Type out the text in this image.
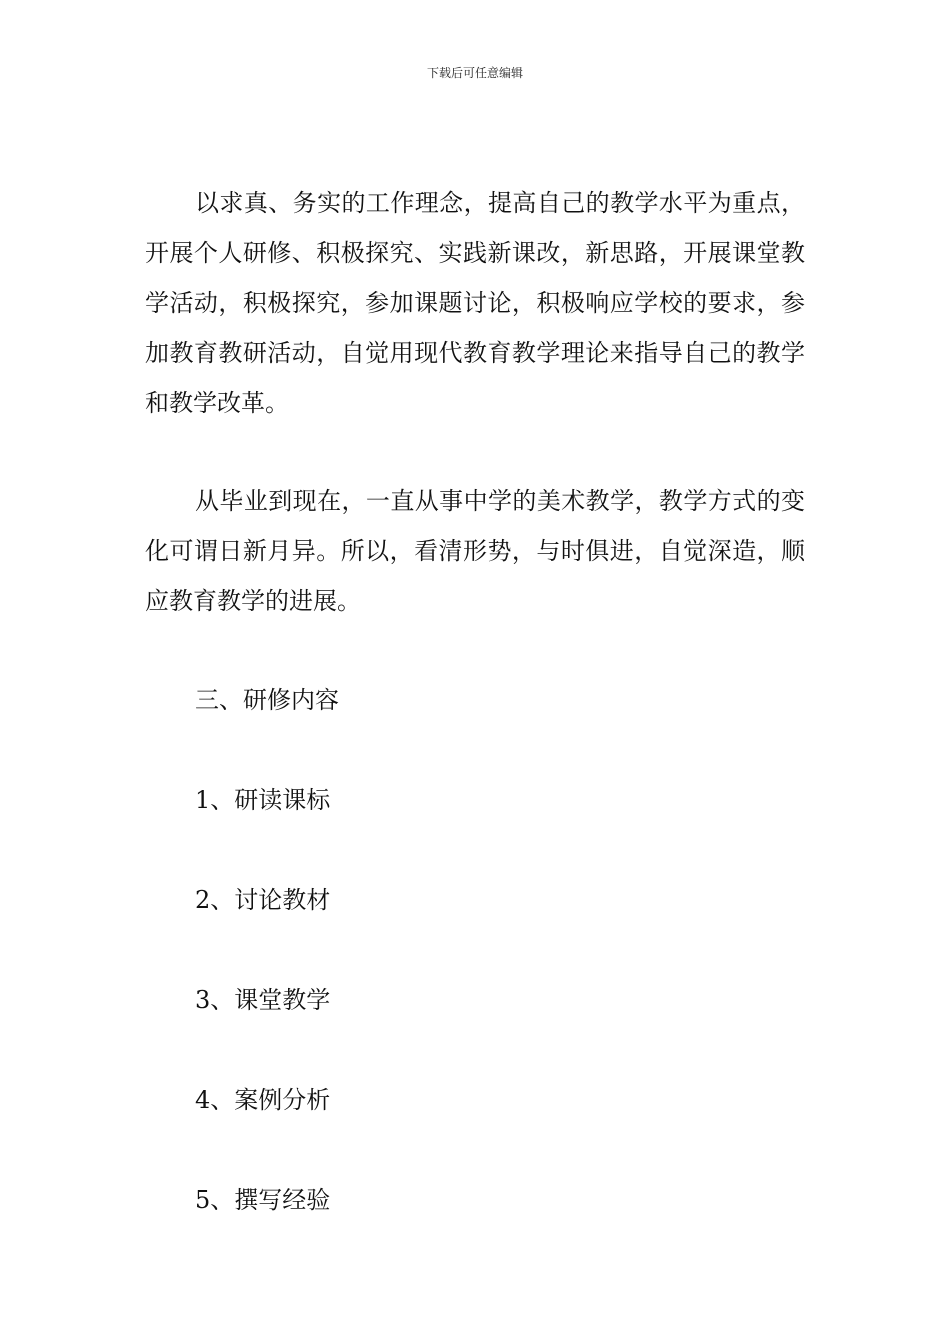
下载后可任意编辑

以求真、务实的工作理念，提高自己的教学水平为重点，开展个人研修、积极探究、实践新课改，新思路，开展课堂教学活动，积极探究，参加课题讨论，积极响应学校的要求，参加教育教研活动，自觉用现代教育教学理论来指导自己的教学和教学改革。

从毕业到现在，一直从事中学的美术教学，教学方式的变化可谓日新月异。所以，看清形势，与时俱进，自觉深造，顺应教育教学的进展。

三、研修内容

1、研读课标
2、讨论教材
3、课堂教学
4、案例分析
5、撰写经验
